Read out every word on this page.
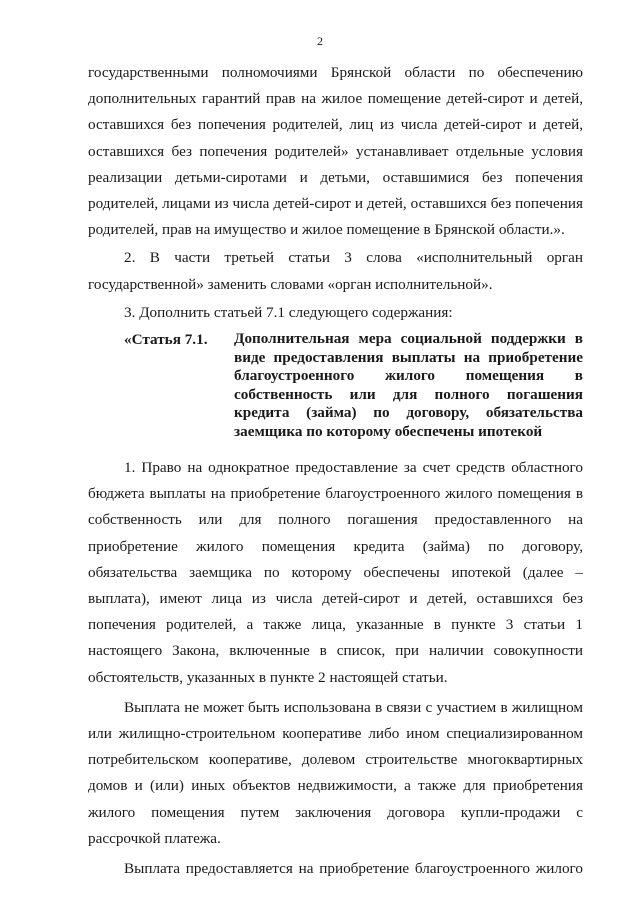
2

государственными полномочиями Брянской области по обеспечению дополнительных гарантий прав на жилое помещение детей-сирот и детей, оставшихся без попечения родителей, лиц из числа детей-сирот и детей, оставшихся без попечения родителей» устанавливает отдельные условия реализации детьми-сиротами и детьми, оставшимися без попечения родителей, лицами из числа детей-сирот и детей, оставшихся без попечения родителей, прав на имущество и жилое помещение в Брянской области.».

2. В части третьей статьи 3 слова «исполнительный орган государственной» заменить словами «орган исполнительной».

3. Дополнить статьей 7.1 следующего содержания:

«Статья 7.1.	Дополнительная мера социальной поддержки в виде предоставления выплаты на приобретение благоустроенного жилого помещения в собственность или для полного погашения кредита (займа) по договору, обязательства заемщика по которому обеспечены ипотекой

1. Право на однократное предоставление за счет средств областного бюджета выплаты на приобретение благоустроенного жилого помещения в собственность или для полного погашения предоставленного на приобретение жилого помещения кредита (займа) по договору, обязательства заемщика по которому обеспечены ипотекой (далее – выплата), имеют лица из числа детей-сирот и детей, оставшихся без попечения родителей, а также лица, указанные в пункте 3 статьи 1 настоящего Закона, включенные в список, при наличии совокупности обстоятельств, указанных в пункте 2 настоящей статьи.

Выплата не может быть использована в связи с участием в жилищном или жилищно-строительном кооперативе либо ином специализированном потребительском кооперативе, долевом строительстве многоквартирных домов и (или) иных объектов недвижимости, а также для приобретения жилого помещения путем заключения договора купли-продажи с рассрочкой платежа.

Выплата предоставляется на приобретение благоустроенного жилого
